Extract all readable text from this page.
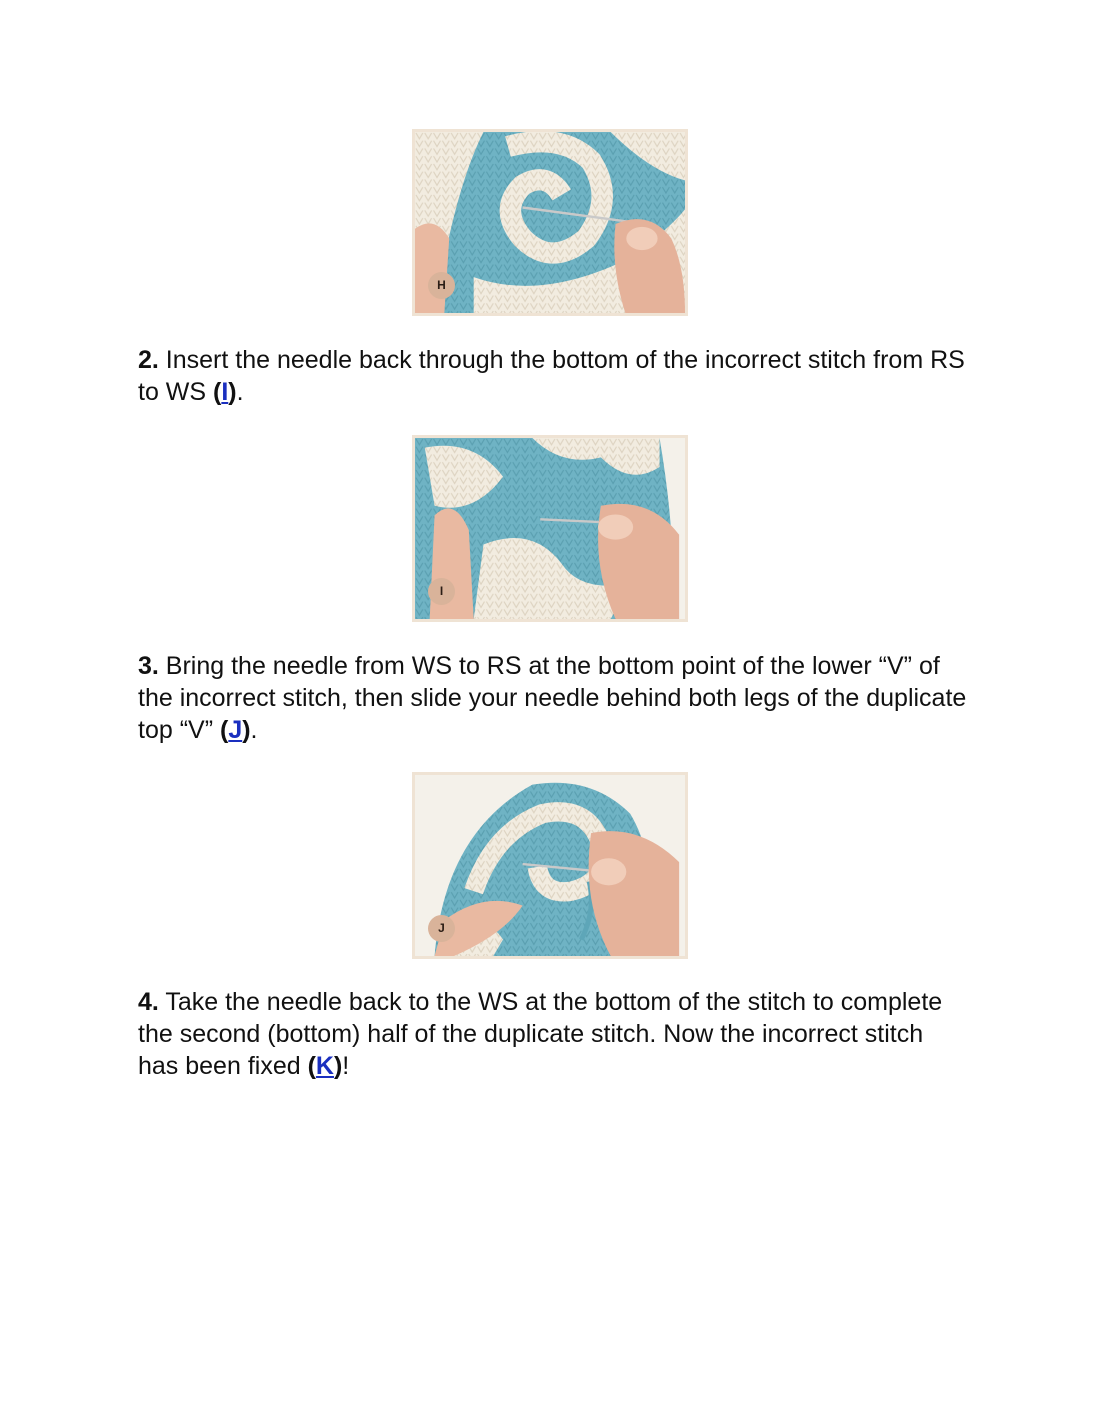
H

2. Insert the needle back through the bottom of the incorrect stitch from RS to WS (I).

I

3. Bring the needle from WS to RS at the bottom point of the lower “V” of the incorrect stitch, then slide your needle behind both legs of the duplicate top “V” (J).

J

4. Take the needle back to the WS at the bottom of the stitch to complete the second (bottom) half of the duplicate stitch. Now the incorrect stitch has been fixed (K)!
